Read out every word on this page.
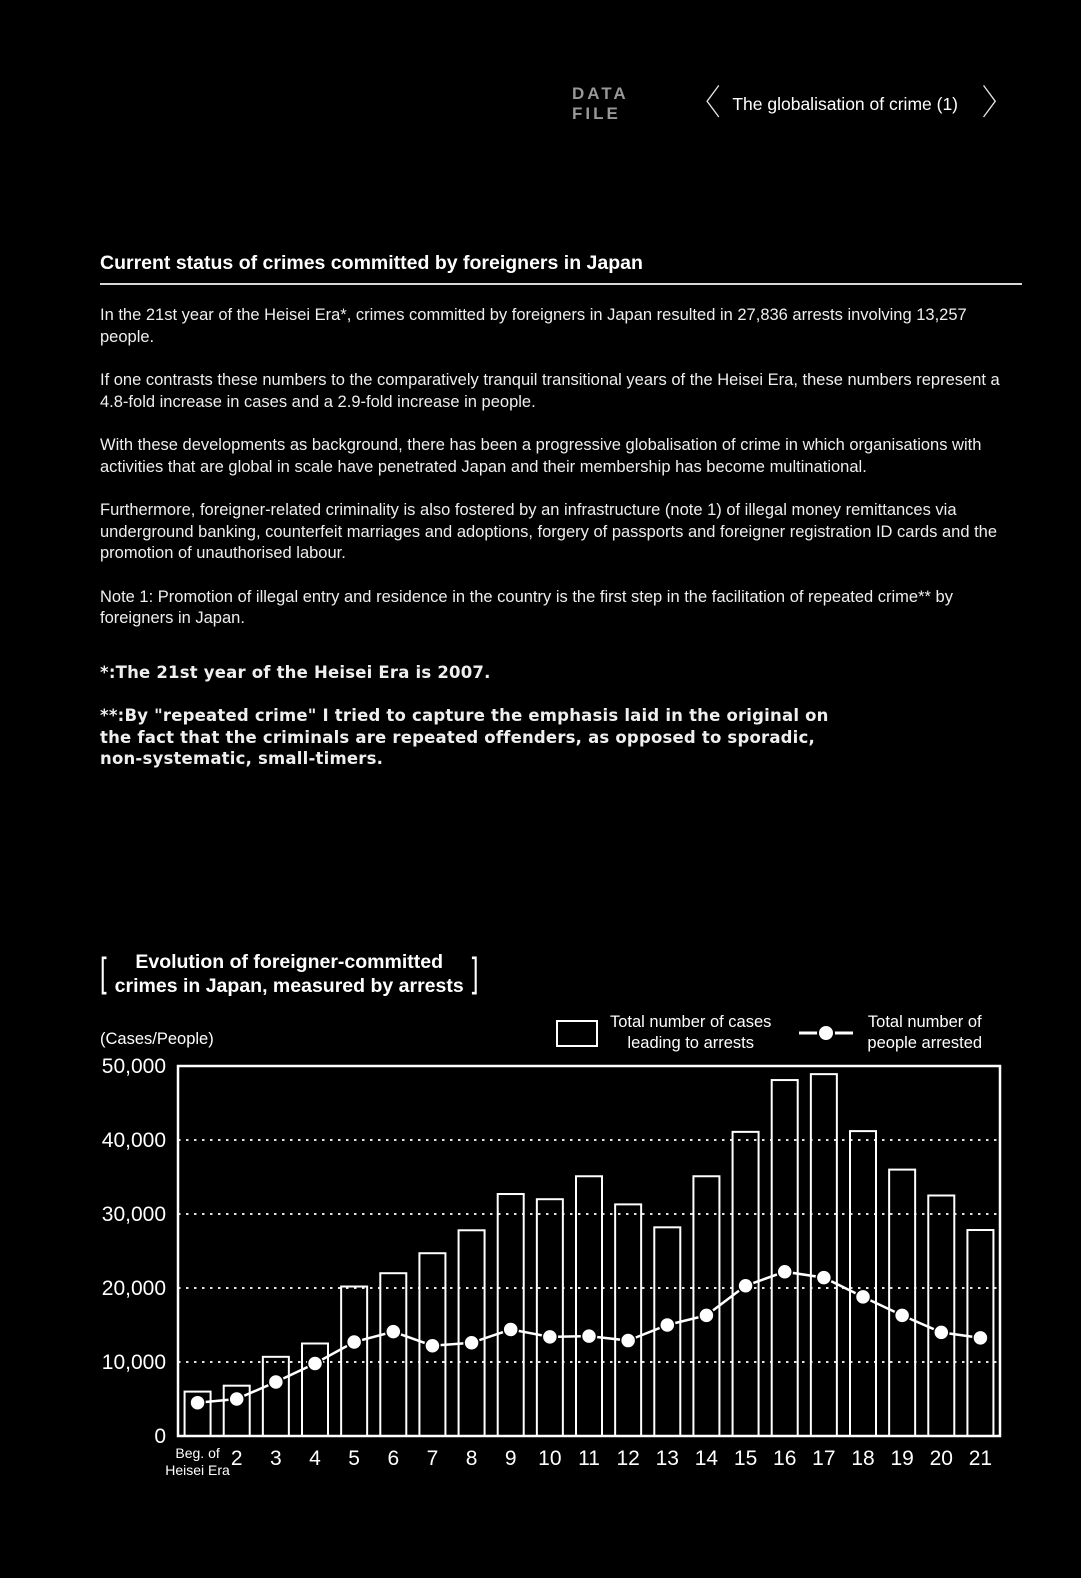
DATA FILE	〈 The globalisation of crime (1) 〉
Current status of crimes committed by foreigners in Japan

In the 21st year of the Heisei Era*, crimes committed by foreigners in Japan resulted in 27,836 arrests involving 13,257 people.

If one contrasts these numbers to the comparatively tranquil transitional years of the Heisei Era, these numbers represent a 4.8-fold increase in cases and a 2.9-fold increase in people.

With these developments as background, there has been a progressive globalisation of crime in which organisations with activities that are global in scale have penetrated Japan and their membership has become multinational.

Furthermore, foreigner-related criminality is also fostered by an infrastructure (note 1) of illegal money remittances via underground banking, counterfeit marriages and adoptions, forgery of passports and foreigner registration ID cards and the promotion of unauthorised labour.

Note 1: Promotion of illegal entry and residence in the country is the first step in the facilitation of repeated crime** by foreigners in Japan.

*:The 21st year of the Heisei Era is 2007.

**:By "repeated crime" I tried to capture the emphasis laid in the original on the fact that the criminals are repeated offenders, as opposed to sporadic, non-systematic, small-timers.

[	Evolution of foreigner-committed
crimes in Japan, measured by arrests ]
Total number of cases
leading to arrests
Total number of
people arrested
(Cases/People)
0
10,000
20,000
30,000
40,000
50,000
Beg. of
Heisei Era 2 3 4 5 6 7 8 9 10 11 12 13 14 15 16 17 18 19 20 21
